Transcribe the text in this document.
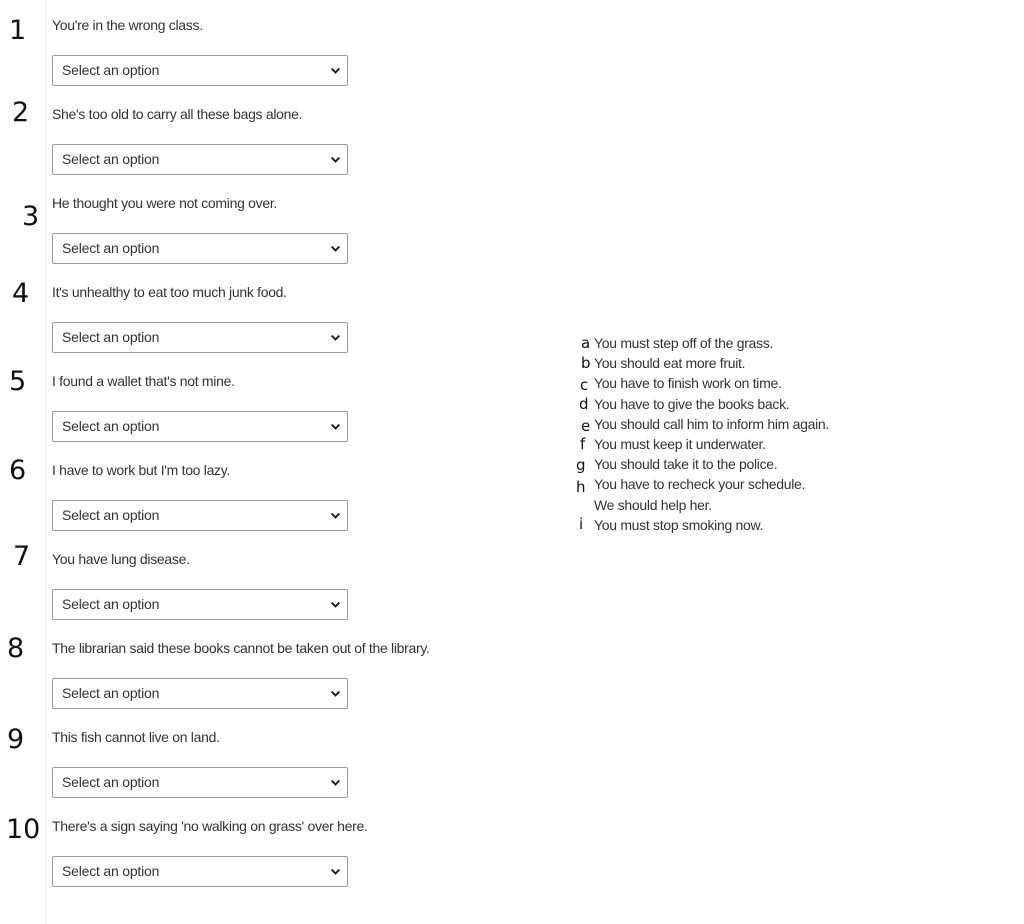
1 You're in the wrong class.
Select an option
2 She's too old to carry all these bags alone.
Select an option
3 He thought you were not coming over.
Select an option
4 It's unhealthy to eat too much junk food.
Select an option
5 I found a wallet that's not mine.
Select an option
6 I have to work but I'm too lazy.
Select an option
7 You have lung disease.
Select an option
8 The librarian said these books cannot be taken out of the library.
Select an option
9 This fish cannot live on land.
Select an option
10 There's a sign saying 'no walking on grass' over here.
Select an option
a You must step off of the grass.
b You should eat more fruit.
c You have to finish work on time.
d You have to give the books back.
e You should call him to inform him again.
f You must keep it underwater.
g You should take it to the police.
You have to recheck your schedule.
h
We should help her.
i You must stop smoking now.
